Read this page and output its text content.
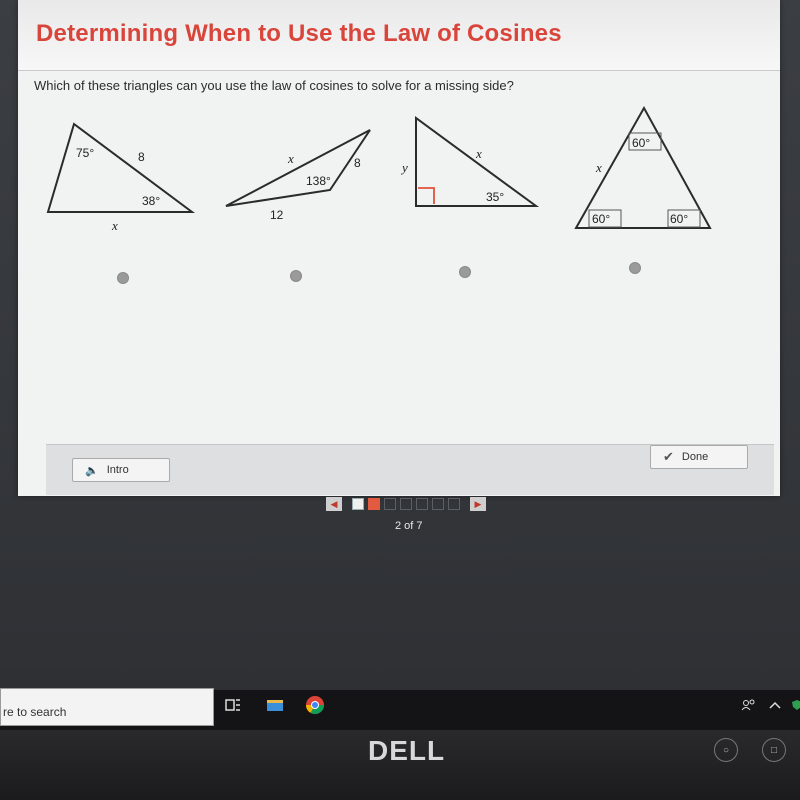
Determining When to Use the Law of Cosines
Which of these triangles can you use the law of cosines to solve for a missing side?
75°	8
38°
x
x	8
138°
12
y
x
35°
60°
x
60°	60°
🔈 Intro
✔ Done
◀	▶
2 of 7
re to search
DELL	○	□
